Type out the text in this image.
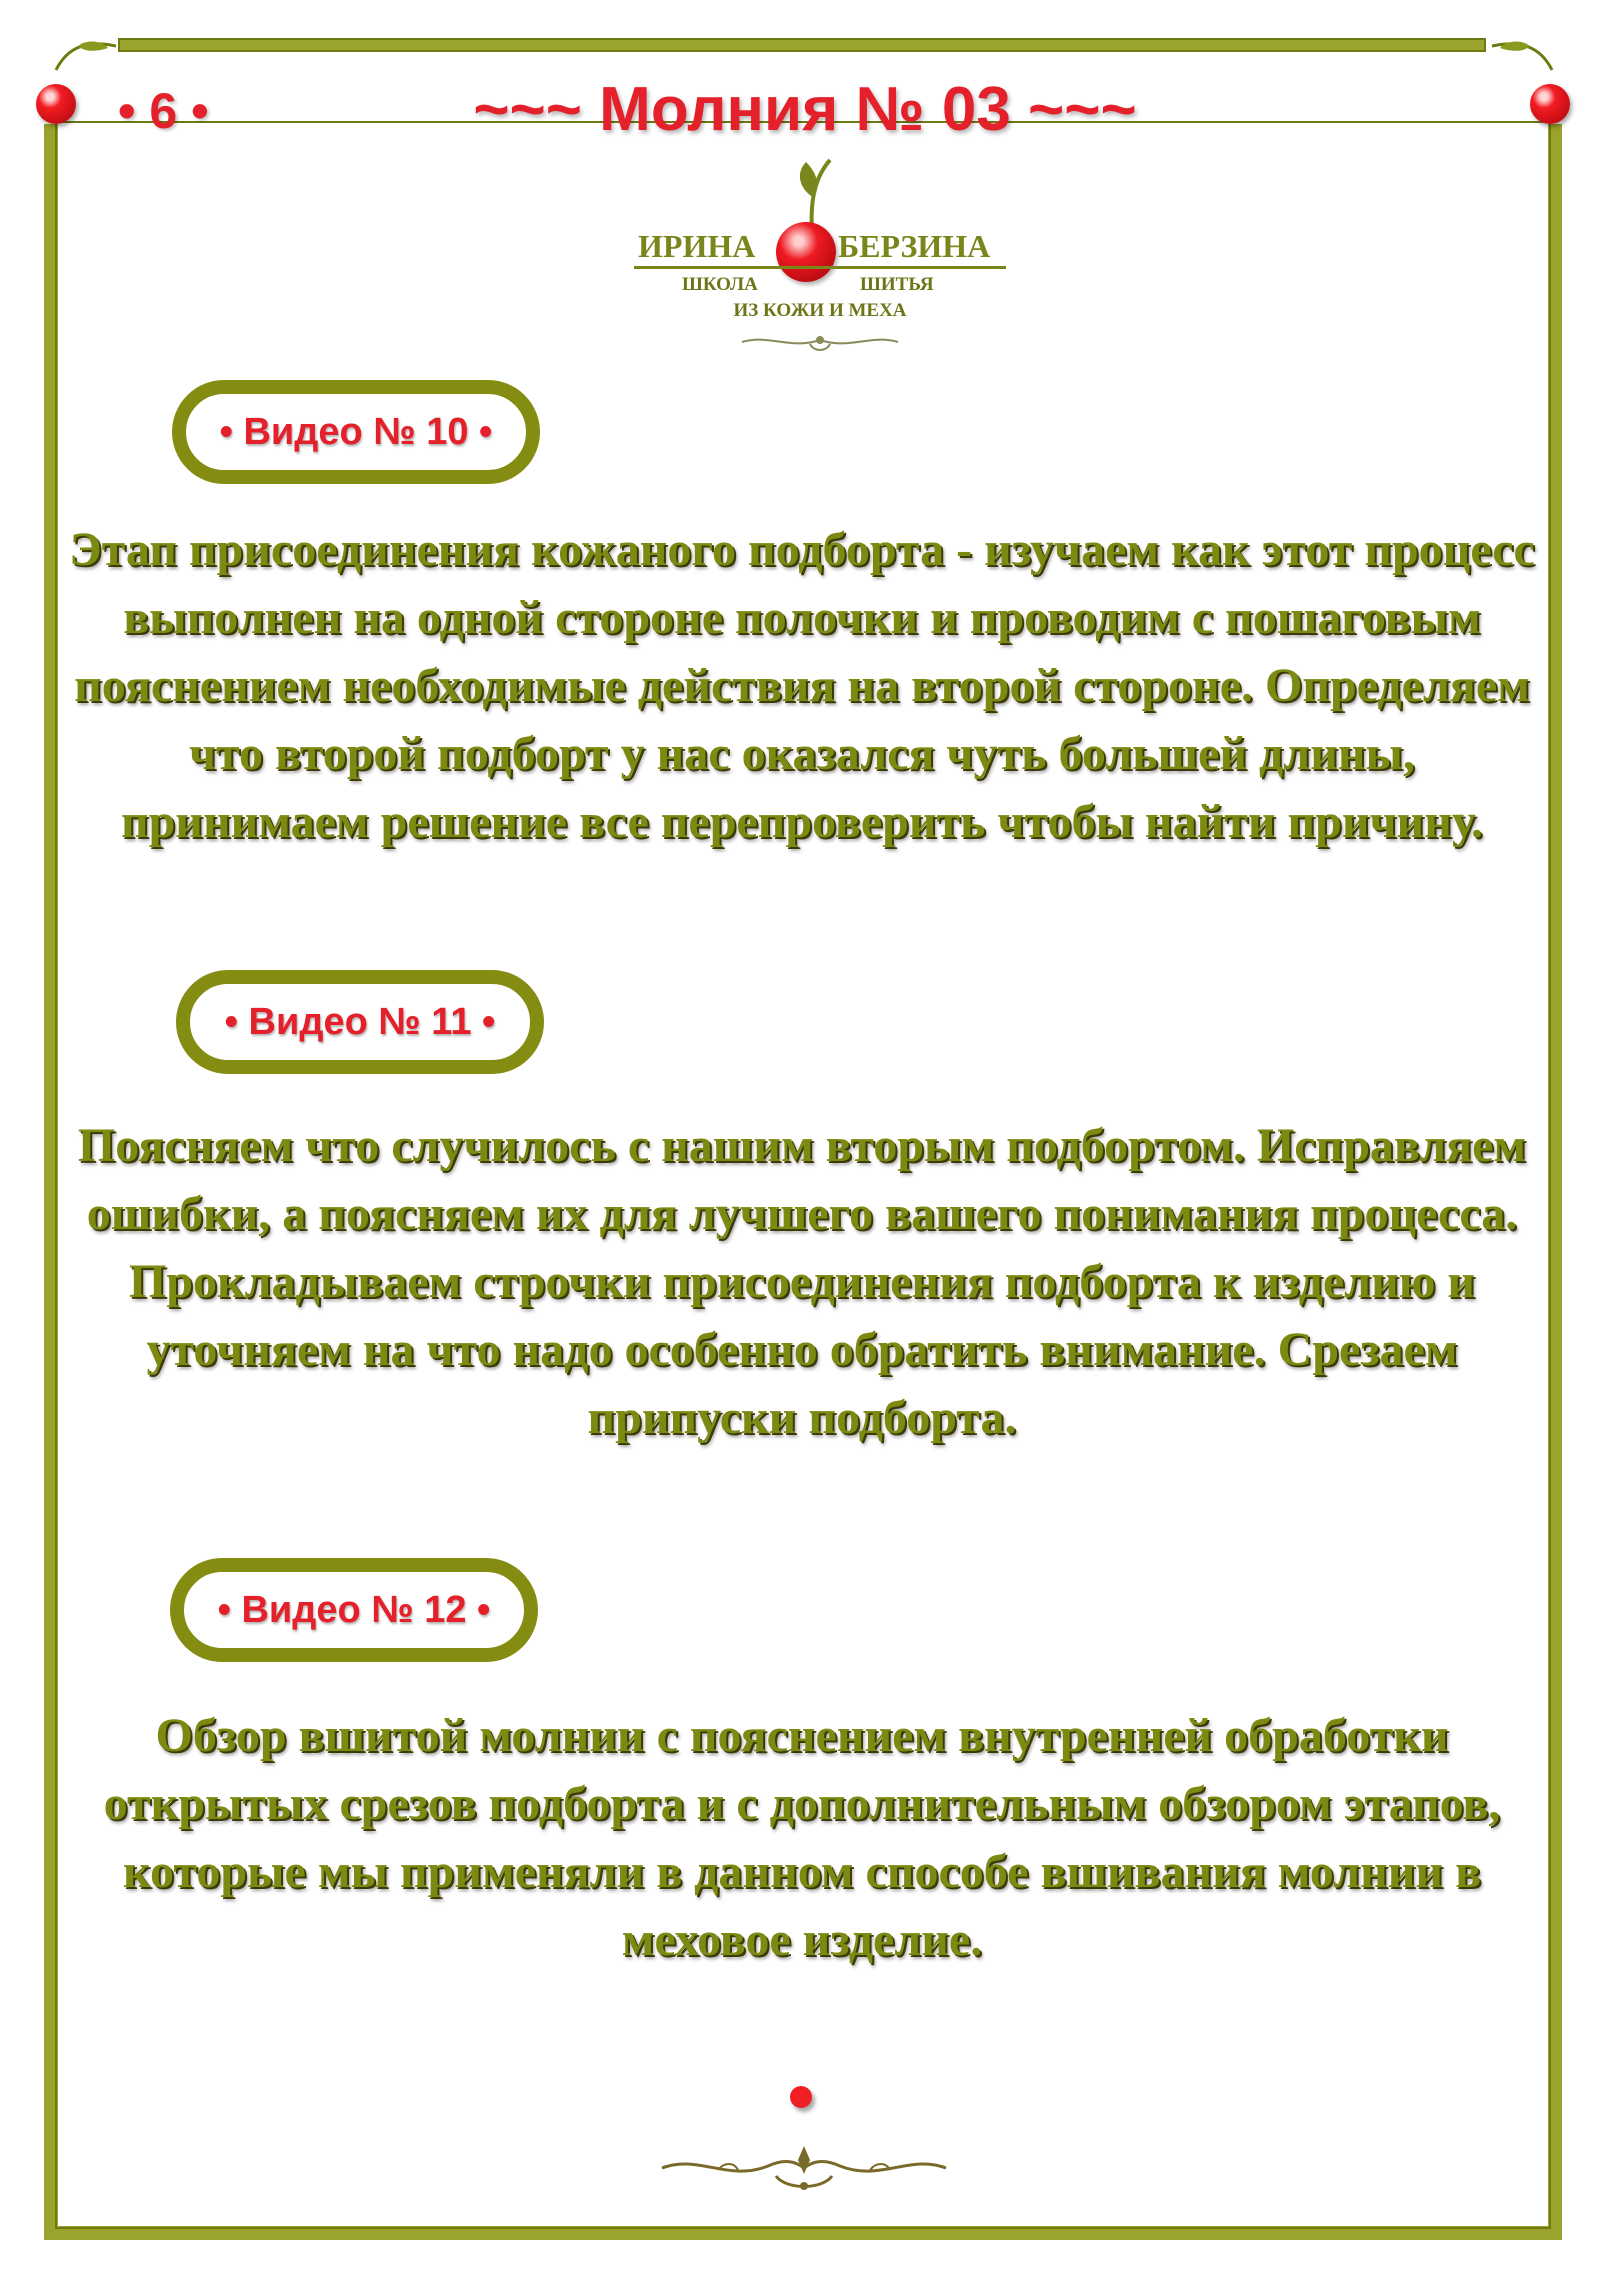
• 6 •	~~~ Молния № 03 ~~~
ИРИНА	БЕРЗИНА
ШКОЛА	ШИТЬЯ
ИЗ КОЖИ И МЕХА
• Видео № 10 •
Этап присоединения кожаного подборта - изучаем как этот процесс выполнен на одной стороне полочки и проводим с пошаговым пояснением необходимые действия на второй стороне. Определяем что второй подборт у нас оказался чуть большей длины, принимаем решение все перепроверить чтобы найти причину.
• Видео № 11 •
Поясняем что случилось с нашим вторым подбортом. Исправляем ошибки, а поясняем их для лучшего вашего понимания процесса. Прокладываем строчки присоединения подборта к изделию и уточняем на что надо особенно обратить внимание. Срезаем припуски подборта.
• Видео № 12 •
Обзор вшитой молнии с пояснением внутренней обработки открытых срезов подборта и с дополнительным обзором этапов, которые мы применяли в данном способе вшивания молнии в меховое изделие.
